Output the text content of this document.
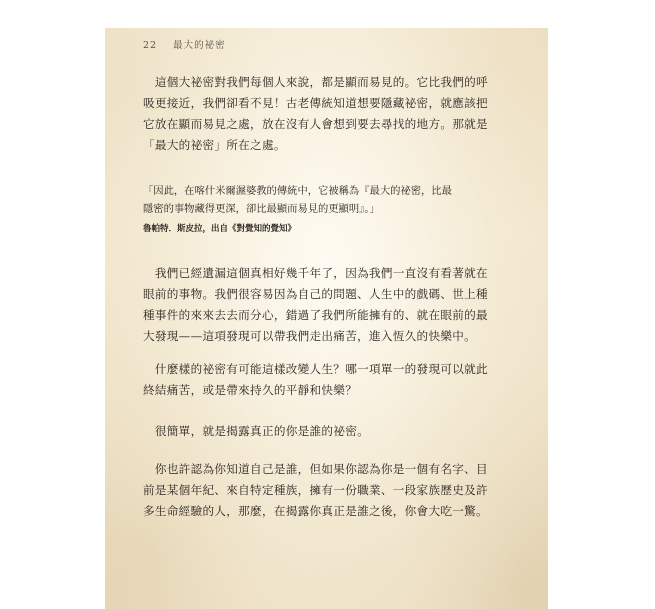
22 最大的祕密

　這個大祕密對我們每個人來說，都是顯而易見的。它比我們的呼
吸更接近，我們卻看不見！古老傳統知道想要隱藏祕密，就應該把
它放在顯而易見之處，放在沒有人會想到要去尋找的地方。那就是
「最大的祕密」所在之處。

「因此，在喀什米爾濕婆教的傳統中，它被稱為『最大的祕密，比最
隱密的事物藏得更深，卻比最顯而易見的更顯明』。」
魯帕特．斯皮拉，出自《對覺知的覺知》

　我們已經遺漏這個真相好幾千年了，因為我們一直沒有看著就在
眼前的事物。我們很容易因為自己的問題、人生中的戲碼、世上種
種事件的來來去去而分心，錯過了我們所能擁有的、就在眼前的最
大發現——這項發現可以帶我們走出痛苦，進入恆久的快樂中。

　什麼樣的祕密有可能這樣改變人生？哪一項單一的發現可以就此
終結痛苦，或是帶來持久的平靜和快樂？

　很簡單，就是揭露真正的你是誰的祕密。

　你也許認為你知道自己是誰，但如果你認為你是一個有名字、目
前是某個年紀、來自特定種族，擁有一份職業、一段家族歷史及許
多生命經驗的人，那麼，在揭露你真正是誰之後，你會大吃一驚。
